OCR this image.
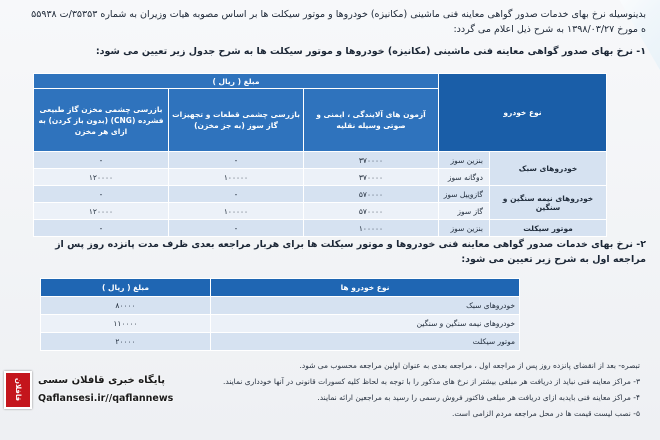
بدینوسیله نرخ بهای خدمات صدور گواهی معاینه فنی ماشینی (مکانیزه) خودروها و موتور سیکلت ها بر اساس مصوبه هیات وزیران به شماره ۳۵۳۵۳/ت ۵۵۹۳۸ ه مورخ ۱۳۹۸/۰۳/۲۷ به شرح ذیل اعلام می گردد:
۱- نرخ بهای صدور گواهی معاینه فنی ماشینی (مکانیزه) خودروها و موتور سیکلت ها به شرح جدول زیر تعیین می شود:
نوع خودرو		مبلغ ( ریال )		
		آزمون های آلایندگی ، ایمنی و صوتی وسیله نقلیه	بازرسی چشمی قطعات و تجهیزات گاز سوز (به جز مخزن)	بازرسی چشمی مخزن گاز طبیعی فشرده (CNG) (بدون باز کردن) به ازای هر مخزن
خودروهای سبک	بنزین سوز	۳۷۰۰۰۰	-	-
	دوگانه سوز	۳۷۰۰۰۰	۱۰۰۰۰۰	۱۲۰۰۰۰
خودروهای نیمه سنگین و سنگین	گازوییل سوز	۵۷۰۰۰۰	-	-
	گاز سوز	۵۷۰۰۰۰	۱۰۰۰۰۰	۱۲۰۰۰۰
موتور سیکلت	بنزین سوز	۱۰۰۰۰۰	-	-
۲- نرخ بهای خدمات صدور گواهی معاینه فنی خودروها و موتور سیکلت ها برای هربار مراجعه بعدی ظرف مدت پانزده روز پس از مراجعه اول به شرح زیر تعیین می شود:
نوع خودرو ها	مبلغ ( ریال )
خودروهای سبک	۸۰۰۰۰
خودروهای نیمه سنگین و سنگین	۱۱۰۰۰۰
موتور سیکلت	۲۰۰۰۰
تبصره- بعد از انقضای پانزده روز پس از مراجعه اول ، مراجعه بعدی به عنوان اولین مراجعه محسوب می شود.
۳- مراکز معاینه فنی نباید از دریافت هر مبلغی بیشتر از نرخ های مذکور را با توجه به لحاظ کلیه کسورات قانونی در آنها خودداری نمایند.
۴- مراکز معاینه فنی بایدبه ازای دریافت هر مبلغی فاکتور فروش رسمی را رسید به مراجعین ارائه نمایند.
۵- نصب لیست قیمت ها در محل مراجعه مردم الزامی است.
قافلان	پایگاه خبری قافلان سسی
Qaflansesi.ir//qaflannews
